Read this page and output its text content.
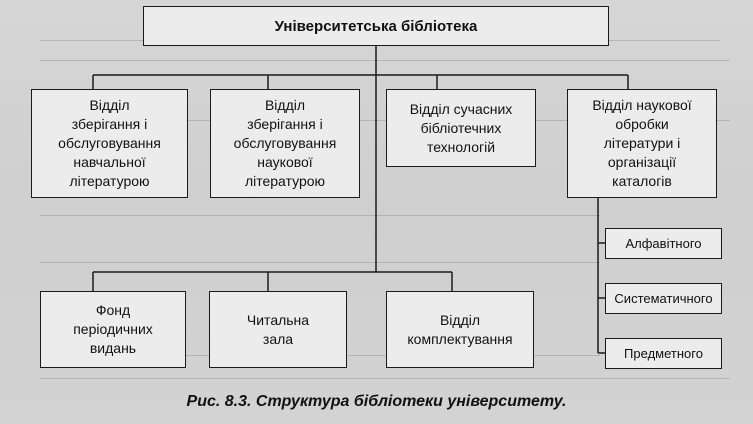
Університетська бібліотека
Відділ
зберігання і
обслуговування
навчальної
літературою
Відділ
зберігання і
обслуговування
наукової
літературою
Відділ сучасних
бібліотечних
технологій
Відділ наукової
обробки
літератури і
організації
каталогів
Фонд
періодичних
видань
Читальна
зала
Відділ
комплектування
Алфавітного
Систематичного
Предметного
Рис. 8.3. Структура бібліотеки університету.
